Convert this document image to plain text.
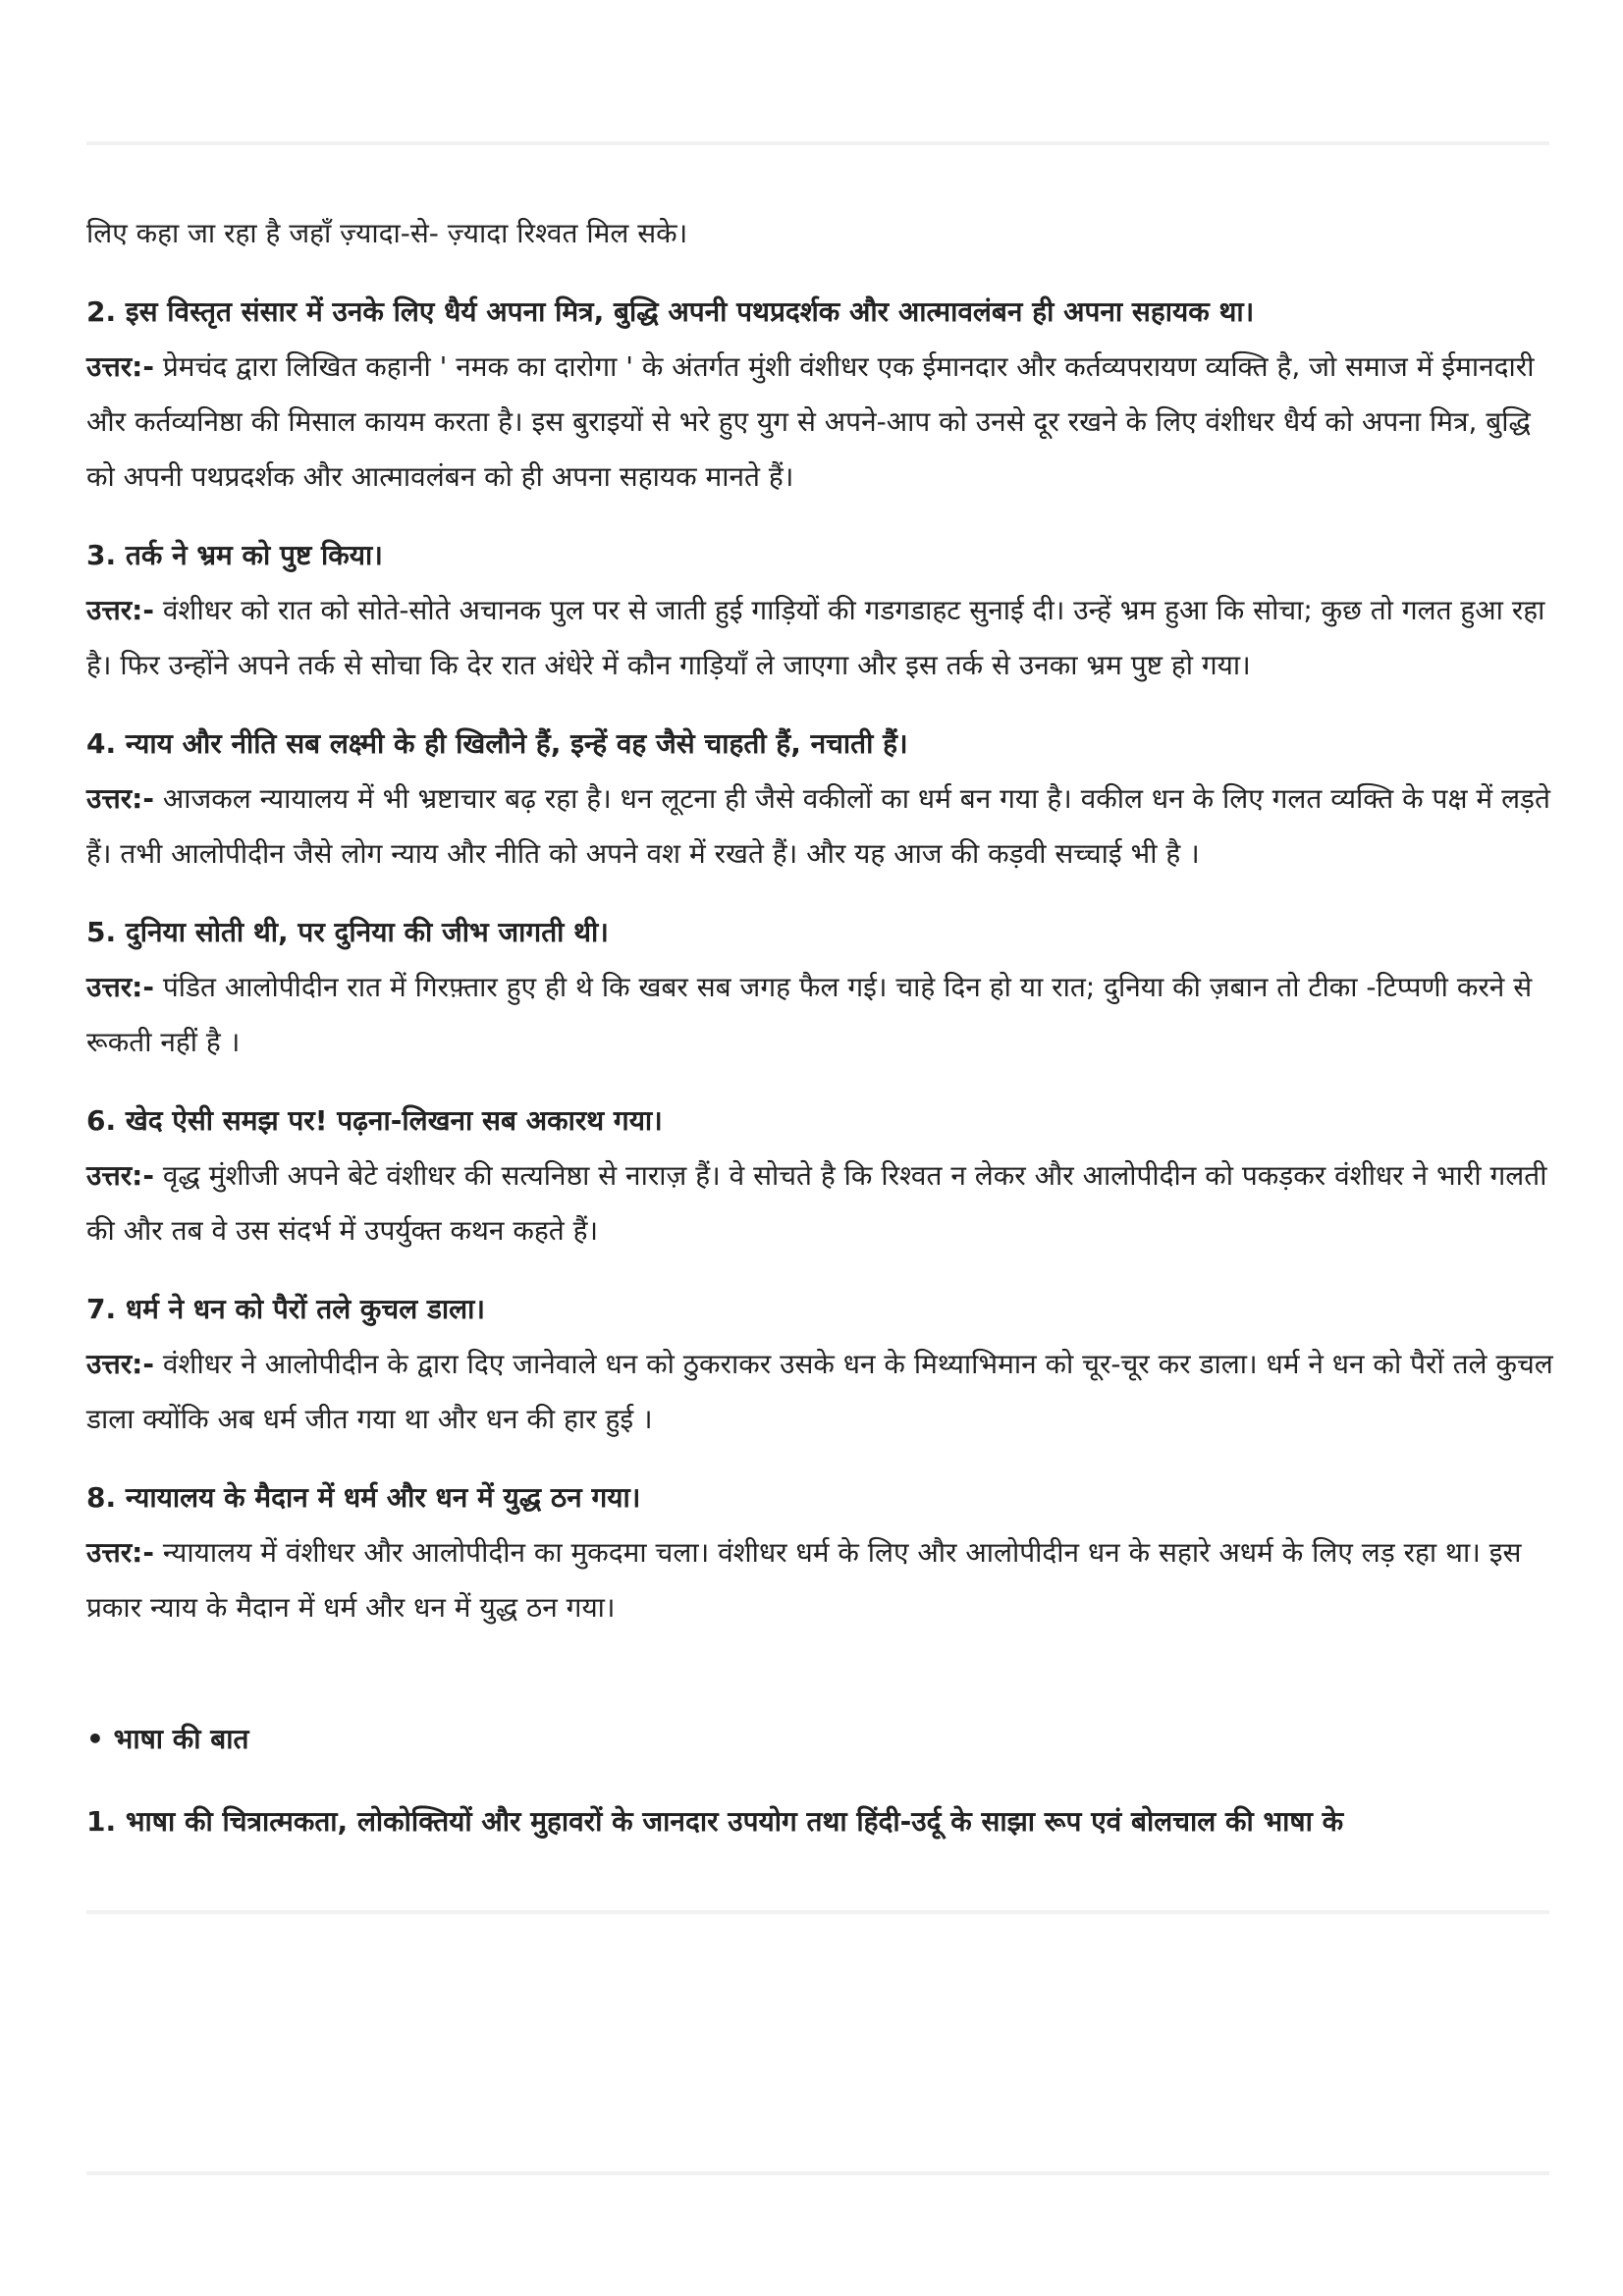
लिए कहा जा रहा है जहाँ ज़्यादा-से- ज़्यादा रिश्वत मिल सके।

2. इस विस्तृत संसार में उनके लिए धैर्य अपना मित्र, बुद्धि अपनी पथप्रदर्शक और आत्मावलंबन ही अपना सहायक था।

उत्तर:- प्रेमचंद द्वारा लिखित कहानी ' नमक का दारोगा ' के अंतर्गत मुंशी वंशीधर एक ईमानदार और कर्तव्यपरायण व्यक्ति है, जो समाज में ईमानदारी और कर्तव्यनिष्ठा की मिसाल कायम करता है। इस बुराइयों से भरे हुए युग से अपने-आप को उनसे दूर रखने के लिए वंशीधर धैर्य को अपना मित्र, बुद्धि को अपनी पथप्रदर्शक और आत्मावलंबन को ही अपना सहायक मानते हैं।

3. तर्क ने भ्रम को पुष्ट किया।

उत्तर:- वंशीधर को रात को सोते-सोते अचानक पुल पर से जाती हुई गाड़ियों की गडगडाहट सुनाई दी। उन्हें भ्रम हुआ कि सोचा; कुछ तो गलत हुआ रहा है। फिर उन्होंने अपने तर्क से सोचा कि देर रात अंधेरे में कौन गाड़ियाँ ले जाएगा और इस तर्क से उनका भ्रम पुष्ट हो गया।

4. न्याय और नीति सब लक्ष्मी के ही खिलौने हैं, इन्हें वह जैसे चाहती हैं, नचाती हैं।

उत्तर:- आजकल न्यायालय में भी भ्रष्टाचार बढ़ रहा है। धन लूटना ही जैसे वकीलों का धर्म बन गया है। वकील धन के लिए गलत व्यक्ति के पक्ष में लड़ते हैं। तभी आलोपीदीन जैसे लोग न्याय और नीति को अपने वश में रखते हैं। और यह आज की कड़वी सच्चाई भी है ।

5. दुनिया सोती थी, पर दुनिया की जीभ जागती थी।

उत्तर:- पंडित आलोपीदीन रात में गिरफ़्तार हुए ही थे कि खबर सब जगह फैल गई। चाहे दिन हो या रात; दुनिया की ज़बान तो टीका -टिप्पणी करने से रूकती नहीं है ।

6. खेद ऐसी समझ पर! पढ़ना-लिखना सब अकारथ गया।

उत्तर:- वृद्ध मुंशीजी अपने बेटे वंशीधर की सत्यनिष्ठा से नाराज़ हैं। वे सोचते है कि रिश्वत न लेकर और आलोपीदीन को पकड़कर वंशीधर ने भारी गलती की और तब वे उस संदर्भ में उपर्युक्त कथन कहते हैं।

7. धर्म ने धन को पैरों तले कुचल डाला।

उत्तर:- वंशीधर ने आलोपीदीन के द्वारा दिए जानेवाले धन को ठुकराकर उसके धन के मिथ्याभिमान को चूर-चूर कर डाला। धर्म ने धन को पैरों तले कुचल डाला क्योंकि अब धर्म जीत गया था और धन की हार हुई ।

8. न्यायालय के मैदान में धर्म और धन में युद्ध ठन गया।

उत्तर:- न्यायालय में वंशीधर और आलोपीदीन का मुकदमा चला। वंशीधर धर्म के लिए और आलोपीदीन धन के सहारे अधर्म के लिए लड़ रहा था। इस प्रकार न्याय के मैदान में धर्म और धन में युद्ध ठन गया।

• भाषा की बात

1. भाषा की चित्रात्मकता, लोकोक्तियों और मुहावरों के जानदार उपयोग तथा हिंदी-उर्दू के साझा रूप एवं बोलचाल की भाषा के
